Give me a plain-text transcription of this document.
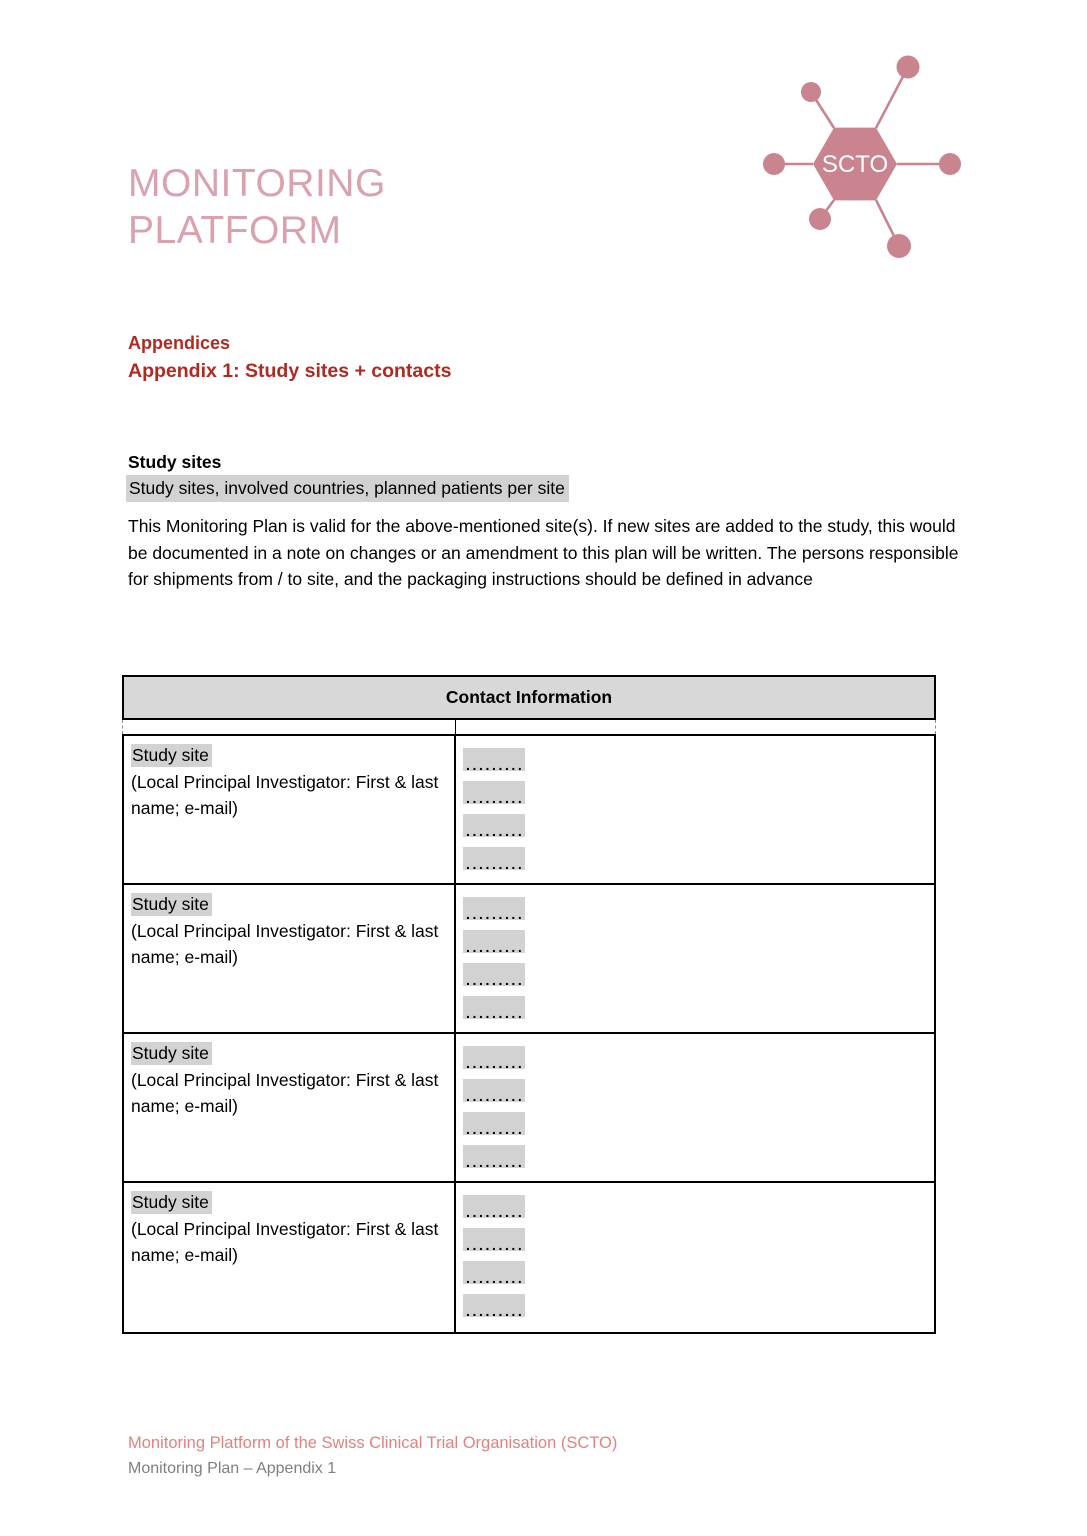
MONITORING
PLATFORM
SCTO
Appendices
Appendix 1: Study sites + contacts
Study sites
Study sites, involved countries, planned patients per site
This Monitoring Plan is valid for the above-mentioned site(s). If new sites are added to the study, this would be documented in a note on changes or an amendment to this plan will be written. The persons responsible for shipments from / to site, and the packaging instructions should be defined in advance
Contact Information
Study site
(Local Principal Investigator: First & last name; e-mail)
.........
.........
.........
.........
Study site
(Local Principal Investigator: First & last name; e-mail)
.........
.........
.........
.........
Study site
(Local Principal Investigator: First & last name; e-mail)
.........
.........
.........
.........
Study site
(Local Principal Investigator: First & last name; e-mail)
.........
.........
.........
.........
Monitoring Platform of the Swiss Clinical Trial Organisation (SCTO)
Monitoring Plan – Appendix 1
